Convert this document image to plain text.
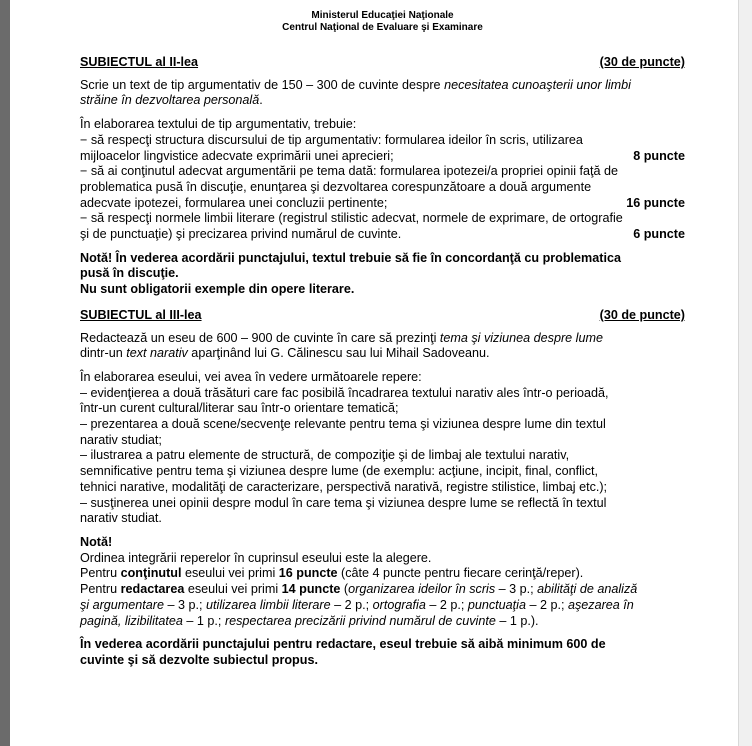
Ministerul Educaţiei Naţionale
Centrul Naţional de Evaluare şi Examinare
SUBIECTUL al II-lea	(30 de puncte)

Scrie un text de tip argumentativ de 150 – 300 de cuvinte despre necesitatea cunoaşterii unor limbi
străine în dezvoltarea personală.

În elaborarea textului de tip argumentativ, trebuie:

− să respecţi structura discursului de tip argumentativ: formularea ideilor în scris, utilizarea

mijloacelor lingvistice adecvate exprimării unei aprecieri;	8 puncte

− să ai conţinutul adecvat argumentării pe tema dată: formularea ipotezei/a propriei opinii faţă de

problematica pusă în discuţie, enunţarea şi dezvoltarea corespunzătoare a două argumente

adecvate ipotezei, formularea unei concluzii pertinente;	16 puncte

− să respecţi normele limbii literare (registrul stilistic adecvat, normele de exprimare, de ortografie

şi de punctuaţie) şi precizarea privind numărul de cuvinte.	6 puncte

Notă! În vederea acordării punctajului, textul trebuie să fie în concordanţă cu problematica

pusă în discuţie.

Nu sunt obligatorii exemple din opere literare.

SUBIECTUL al III-lea	(30 de puncte)

Redactează un eseu de 600 – 900 de cuvinte în care să prezinţi tema şi viziunea despre lume

dintr-un text narativ aparţinând lui G. Călinescu sau lui Mihail Sadoveanu.

În elaborarea eseului, vei avea în vedere următoarele repere:

– evidenţierea a două trăsături care fac posibilă încadrarea textului narativ ales într-o perioadă,

într-un curent cultural/literar sau într-o orientare tematică;

– prezentarea a două scene/secvenţe relevante pentru tema şi viziunea despre lume din textul

narativ studiat;

– ilustrarea a patru elemente de structură, de compoziţie şi de limbaj ale textului narativ,

semnificative pentru tema şi viziunea despre lume (de exemplu: acţiune, incipit, final, conflict,

tehnici narative, modalităţi de caracterizare, perspectivă narativă, registre stilistice, limbaj etc.);

– susţinerea unei opinii despre modul în care tema şi viziunea despre lume se reflectă în textul

narativ studiat.

Notă!

Ordinea integrării reperelor în cuprinsul eseului este la alegere.

Pentru conţinutul eseului vei primi 16 puncte (câte 4 puncte pentru fiecare cerinţă/reper).

Pentru redactarea eseului vei primi 14 puncte (organizarea ideilor în scris – 3 p.; abilităţi de analiză

şi argumentare – 3 p.; utilizarea limbii literare – 2 p.; ortografia – 2 p.; punctuaţia – 2 p.; aşezarea în

pagină, lizibilitatea – 1 p.; respectarea precizării privind numărul de cuvinte – 1 p.).

În vederea acordării punctajului pentru redactare, eseul trebuie să aibă minimum 600 de

cuvinte şi să dezvolte subiectul propus.
